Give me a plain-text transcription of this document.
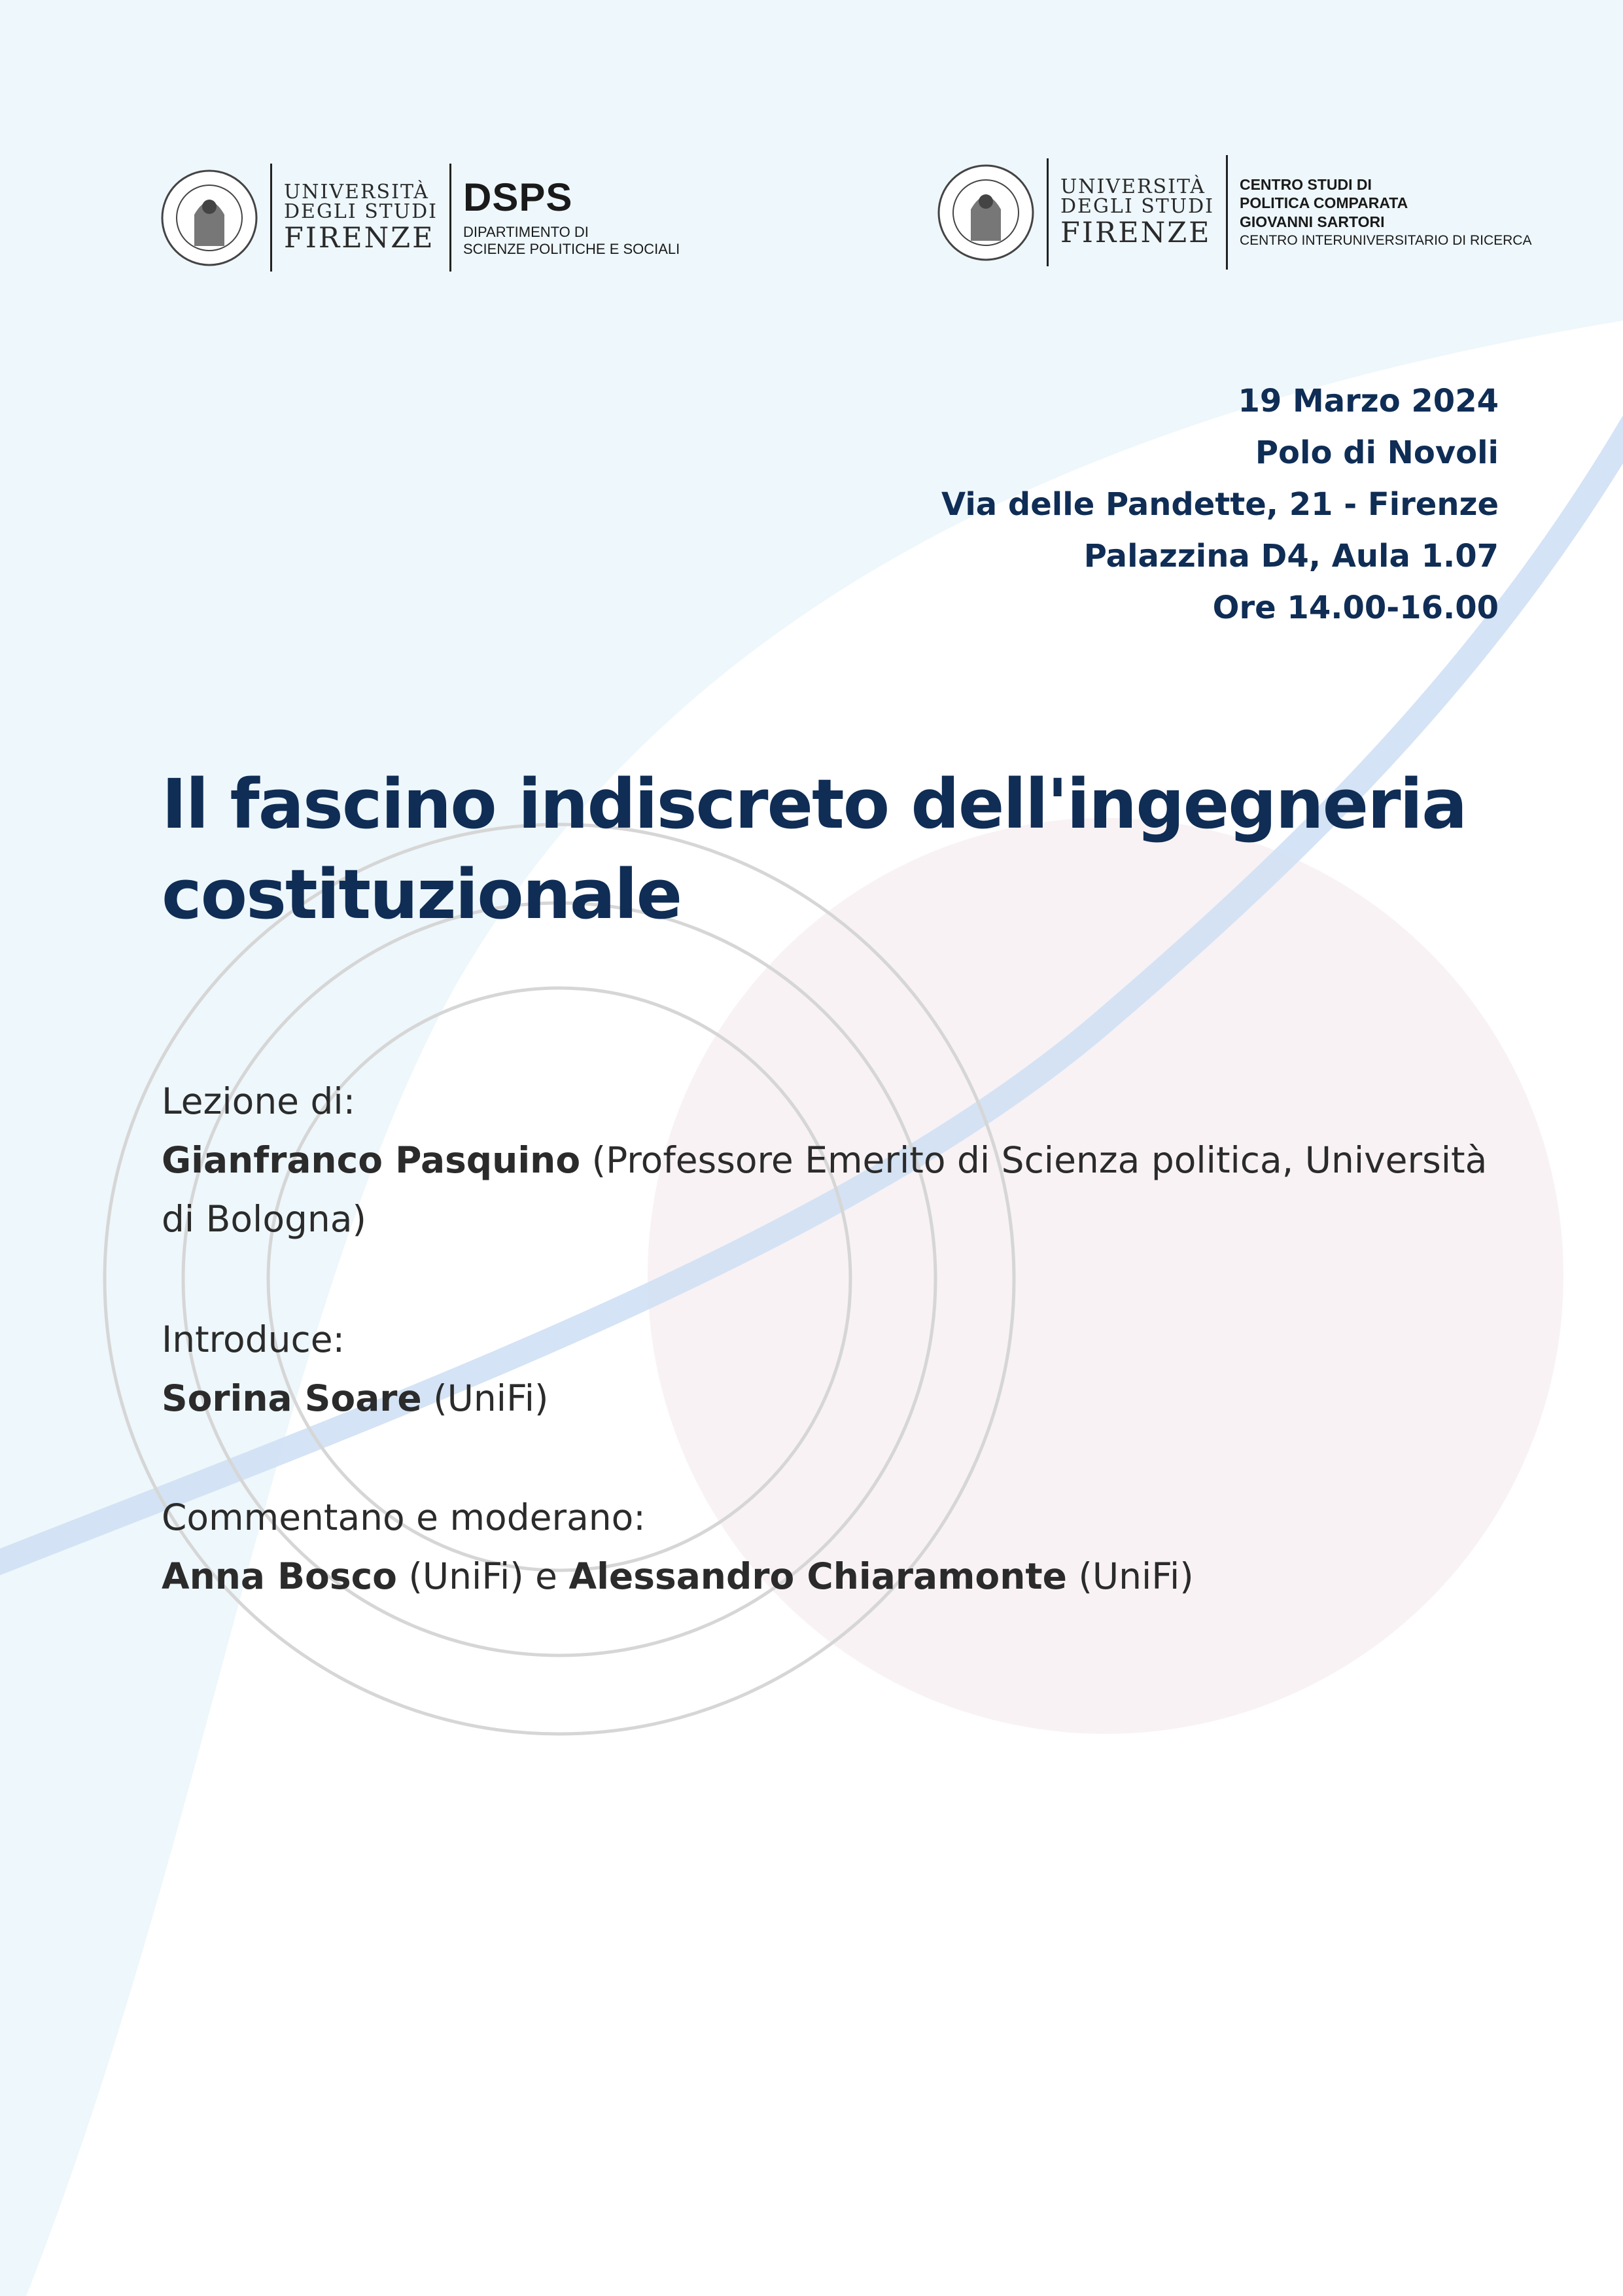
UNIVERSITÀ
DEGLI STUDI
FIRENZE
DSPS
DIPARTIMENTO DI
SCIENZE POLITICHE E SOCIALI
UNIVERSITÀ
DEGLI STUDI
FIRENZE
CENTRO STUDI DI
POLITICA COMPARATA
GIOVANNI SARTORI
CENTRO INTERUNIVERSITARIO DI RICERCA
19 Marzo 2024
Polo di Novoli
Via delle Pandette, 21 - Firenze
Palazzina D4, Aula 1.07
Ore 14.00-16.00
Il fascino indiscreto dell'ingegneria
costituzionale
Lezione di:
Gianfranco Pasquino (Professore Emerito di Scienza politica, Università
di Bologna)
Introduce:
Sorina Soare (UniFi)
Commentano e moderano:
Anna Bosco (UniFi) e Alessandro Chiaramonte (UniFi)
